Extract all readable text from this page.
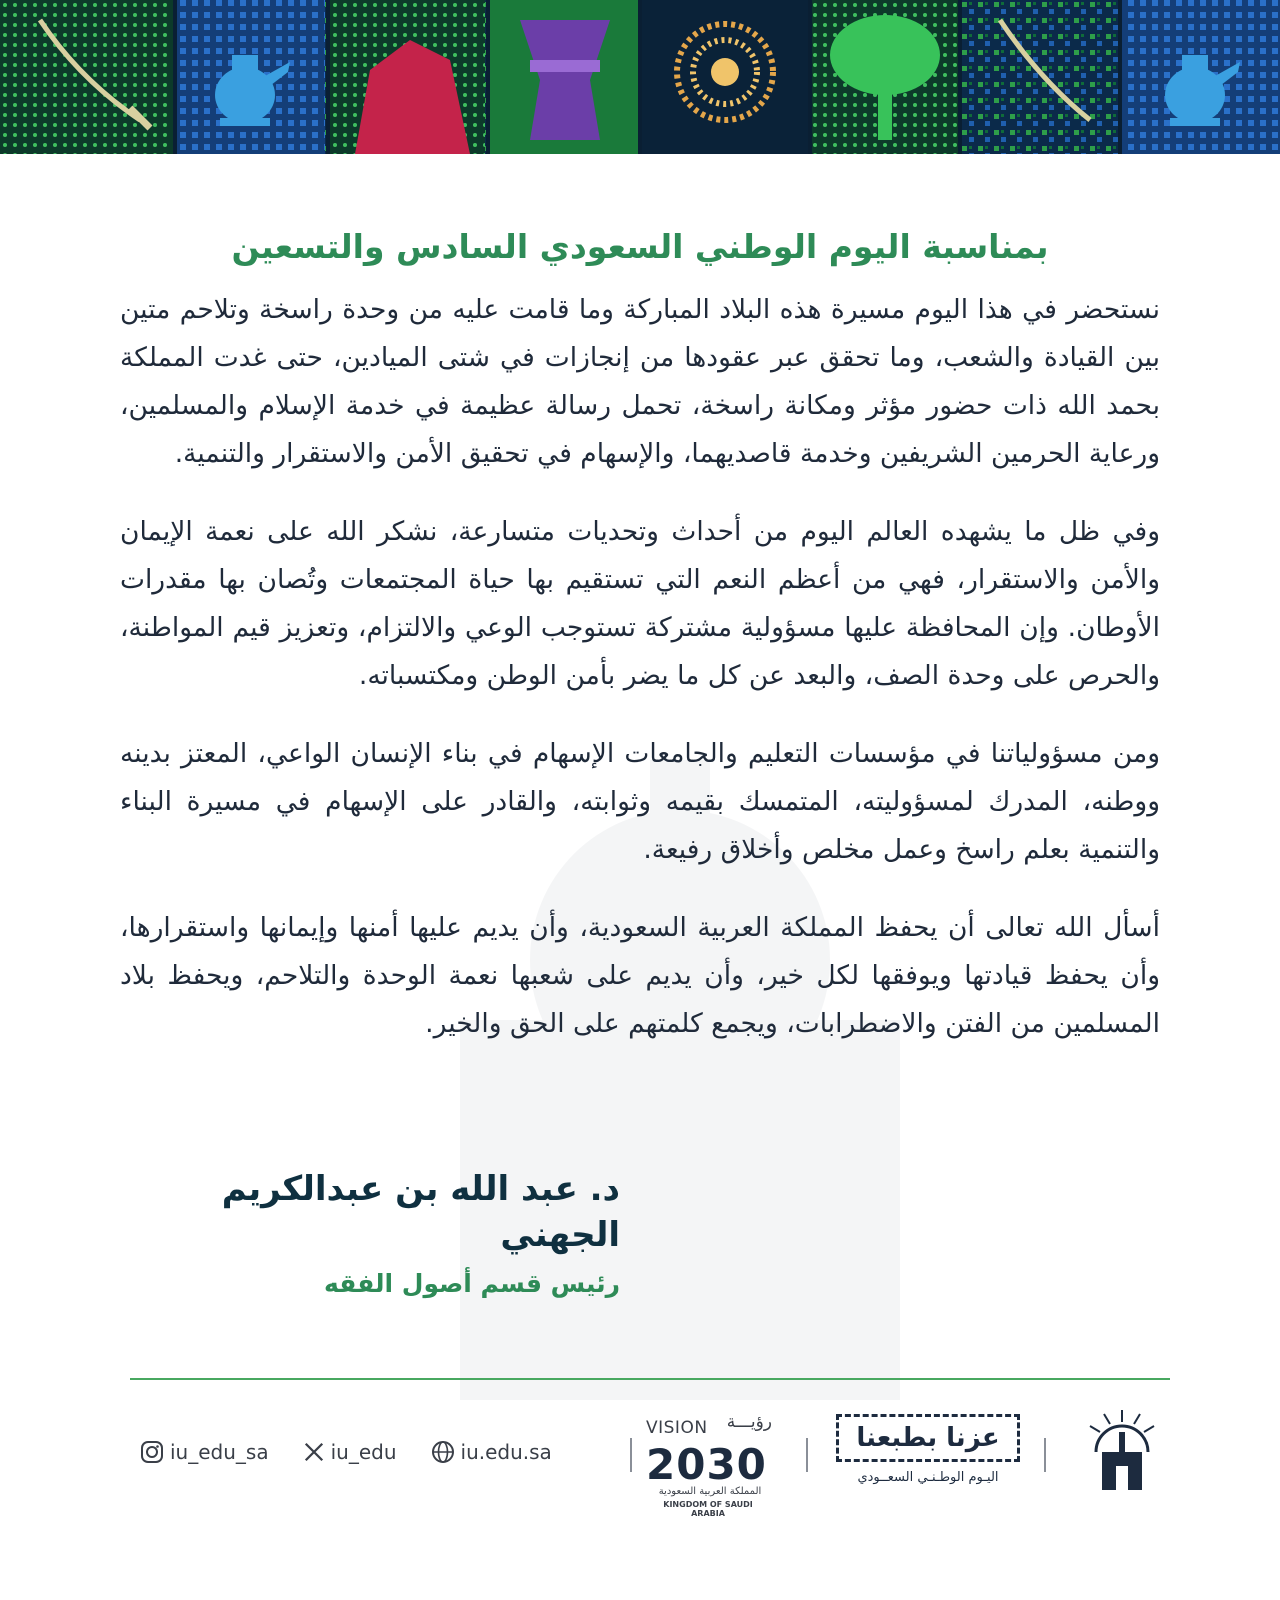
بمناسبة اليوم الوطني السعودي السادس والتسعين

نستحضر في هذا اليوم مسيرة هذه البلاد المباركة وما قامت عليه من وحدة راسخة وتلاحم متين بين القيادة والشعب، وما تحقق عبر عقودها من إنجازات في شتى الميادين، حتى غدت المملكة بحمد الله ذات حضور مؤثر ومكانة راسخة، تحمل رسالة عظيمة في خدمة الإسلام والمسلمين، ورعاية الحرمين الشريفين وخدمة قاصديهما، والإسهام في تحقيق الأمن والاستقرار والتنمية.

وفي ظل ما يشهده العالم اليوم من أحداث وتحديات متسارعة، نشكر الله على نعمة الإيمان والأمن والاستقرار، فهي من أعظم النعم التي تستقيم بها حياة المجتمعات وتُصان بها مقدرات الأوطان. وإن المحافظة عليها مسؤولية مشتركة تستوجب الوعي والالتزام، وتعزيز قيم المواطنة، والحرص على وحدة الصف، والبعد عن كل ما يضر بأمن الوطن ومكتسباته.

ومن مسؤولياتنا في مؤسسات التعليم والجامعات الإسهام في بناء الإنسان الواعي، المعتز بدينه ووطنه، المدرك لمسؤوليته، المتمسك بقيمه وثوابته، والقادر على الإسهام في مسيرة البناء والتنمية بعلم راسخ وعمل مخلص وأخلاق رفيعة.

أسأل الله تعالى أن يحفظ المملكة العربية السعودية، وأن يديم عليها أمنها وإيمانها واستقرارها، وأن يحفظ قيادتها ويوفقها لكل خير، وأن يديم على شعبها نعمة الوحدة والتلاحم، ويحفظ بلاد المسلمين من الفتن والاضطرابات، ويجمع كلمتهم على الحق والخير.

د. عبد الله بن عبدالكريم الجهني
رئيس قسم أصول الفقه
iu_edu_sa	iu_edu	iu.edu.sa
VISION رؤيـــة
2030
المملكة العربية السعودية
KINGDOM OF SAUDI ARABIA
عزنا بطبعنا
اليـوم الوطـنـي السعــودي
